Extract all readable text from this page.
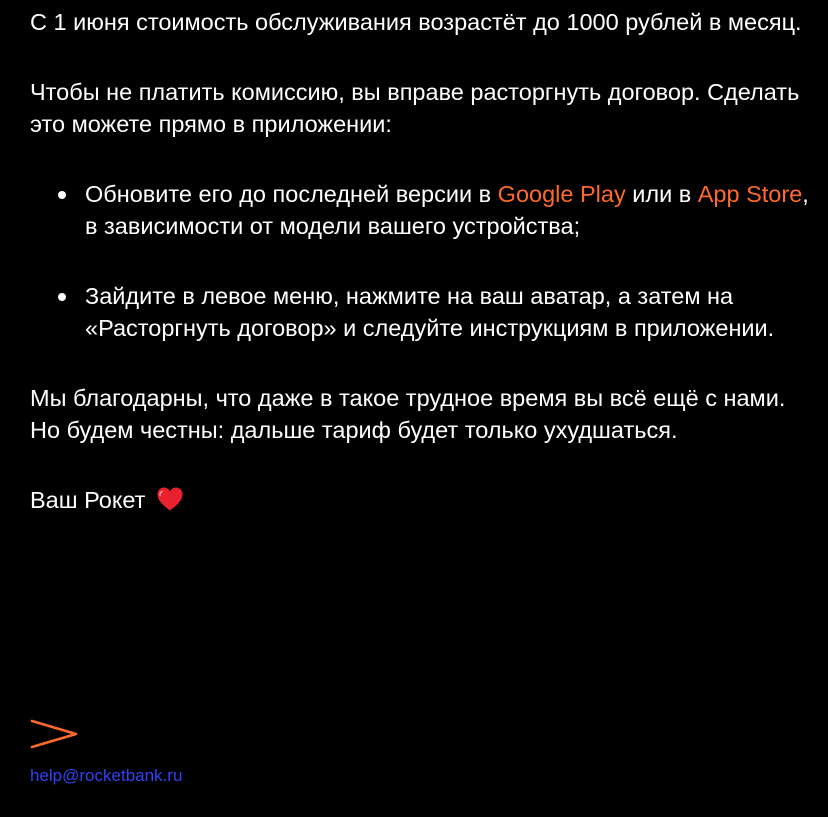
С 1 июня стоимость обслуживания возрастёт до 1000 рублей в месяц.

Чтобы не платить комиссию, вы вправе расторгнуть договор. Сделать это можете прямо в приложении:

Обновите его до последней версии в Google Play или в App Store, в зависимости от модели вашего устройства;
Зайдите в левое меню, нажмите на ваш аватар, а затем на «Расторгнуть договор» и следуйте инструкциям в приложении.

Мы благодарны, что даже в такое трудное время вы всё ещё с нами. Но будем честны: дальше тариф будет только ухудшаться.

Ваш Рокет

help@rocketbank.ru
